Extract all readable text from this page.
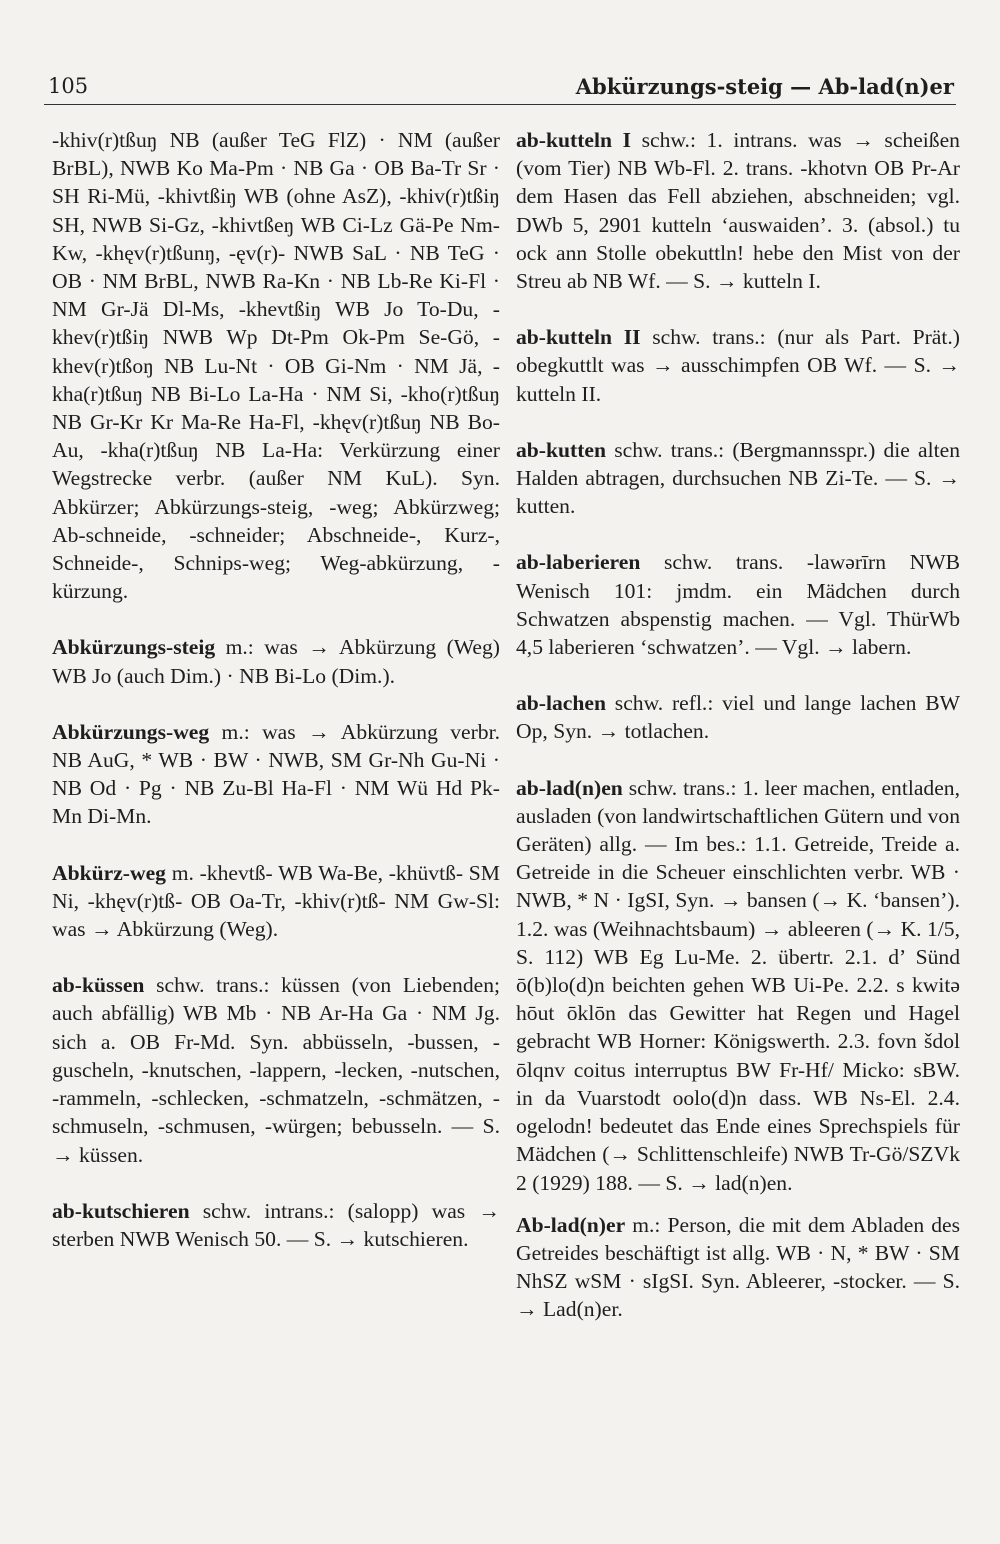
105	Abkürzungs-steig — Ab-lad(n)er

-khiv(r)tßuŋ NB (außer TeG FlZ) · NM (außer BrBL), NWB Ko Ma-Pm · NB Ga · OB Ba-Tr Sr · SH Ri-Mü, -khivtßiŋ WB (ohne AsZ), -khiv(r)tßiŋ SH, NWB Si-Gz, -khivtßeŋ WB Ci-Lz Gä-Pe Nm-Kw, -khęv(r)tßunŋ, -ęv(r)- NWB SaL · NB TeG · OB · NM BrBL, NWB Ra-Kn · NB Lb-Re Ki-Fl · NM Gr-Jä Dl-Ms, -khevtßiŋ WB Jo To-Du, -khev(r)tßiŋ NWB Wp Dt-Pm Ok-Pm Se-Gö, -khev(r)tßoŋ NB Lu-Nt · OB Gi-Nm · NM Jä, -kha(r)tßuŋ NB Bi-Lo La-Ha · NM Si, -kho(r)tßuŋ NB Gr-Kr Kr Ma-Re Ha-Fl, -khęv(r)tßuŋ NB Bo-Au, -kha(r)tßuŋ NB La-Ha: Verkürzung einer Wegstrecke verbr. (außer NM KuL). Syn. Abkürzer; Abkürzungs-steig, -weg; Abkürzweg; Ab-schneide, -schneider; Abschneide-, Kurz-, Schneide-, Schnips-weg; Weg-abkürzung, -kürzung.

Abkürzungs-steig m.: was → Abkürzung (Weg) WB Jo (auch Dim.) · NB Bi-Lo (Dim.).

Abkürzungs-weg m.: was → Abkürzung verbr. NB AuG, * WB · BW · NWB, SM Gr-Nh Gu-Ni · NB Od · Pg · NB Zu-Bl Ha-Fl · NM Wü Hd Pk-Mn Di-Mn.

Abkürz-weg m. -khevtß- WB Wa-Be, -khüvtß- SM Ni, -khęv(r)tß- OB Oa-Tr, -khiv(r)tß- NM Gw-Sl: was → Abkürzung (Weg).

ab-küssen schw. trans.: küssen (von Liebenden; auch abfällig) WB Mb · NB Ar-Ha Ga · NM Jg. sich a. OB Fr-Md. Syn. abbüsseln, -bussen, -guscheln, -knutschen, -lappern, -lecken, -nutschen, -rammeln, -schlecken, -schmatzeln, -schmätzen, -schmuseln, -schmusen, -würgen; bebusseln. — S. → küssen.

ab-kutschieren schw. intrans.: (salopp) was → sterben NWB Wenisch 50. — S. → kutschieren.

ab-kutteln I schw.: 1. intrans. was → scheißen (vom Tier) NB Wb-Fl. 2. trans. -khotvn OB Pr-Ar dem Hasen das Fell abziehen, abschneiden; vgl. DWb 5, 2901 kutteln ‘auswaiden’. 3. (absol.) tu ock ann Stolle obekuttln! hebe den Mist von der Streu ab NB Wf. — S. → kutteln I.

ab-kutteln II schw. trans.: (nur als Part. Prät.) obegkuttlt was → ausschimpfen OB Wf. — S. → kutteln II.

ab-kutten schw. trans.: (Bergmannsspr.) die alten Halden abtragen, durchsuchen NB Zi-Te. — S. → kutten.

ab-laberieren schw. trans. -lawərīrn NWB Wenisch 101: jmdm. ein Mädchen durch Schwatzen abspenstig machen. — Vgl. ThürWb 4,5 laberieren ‘schwatzen’. — Vgl. → labern.

ab-lachen schw. refl.: viel und lange lachen BW Op, Syn. → totlachen.

ab-lad(n)en schw. trans.: 1. leer machen, entladen, ausladen (von landwirtschaftlichen Gütern und von Geräten) allg. — Im bes.: 1.1. Getreide, Treide a. Getreide in die Scheuer einschlichten verbr. WB · NWB, * N · IgSI, Syn. → bansen (→ K. ‘bansen’). 1.2. was (Weihnachtsbaum) → ableeren (→ K. 1/5, S. 112) WB Eg Lu-Me. 2. übertr. 2.1. d’ Sünd ō(b)lo(d)n beichten gehen WB Ui-Pe. 2.2. s kwitə hōut ōklōn das Gewitter hat Regen und Hagel gebracht WB Horner: Königswerth. 2.3. fovn šdol ōlqnv coitus interruptus BW Fr-Hf/ Micko: sBW. in da Vuarstodt oolo(d)n dass. WB Ns-El. 2.4. ogelodn! bedeutet das Ende eines Sprechspiels für Mädchen (→ Schlittenschleife) NWB Tr-Gö/SZVk 2 (1929) 188. — S. → lad(n)en.

Ab-lad(n)er m.: Person, die mit dem Abladen des Getreides beschäftigt ist allg. WB · N, * BW · SM NhSZ wSM · sIgSI. Syn. Ableerer, -stocker. — S. → Lad(n)er.
